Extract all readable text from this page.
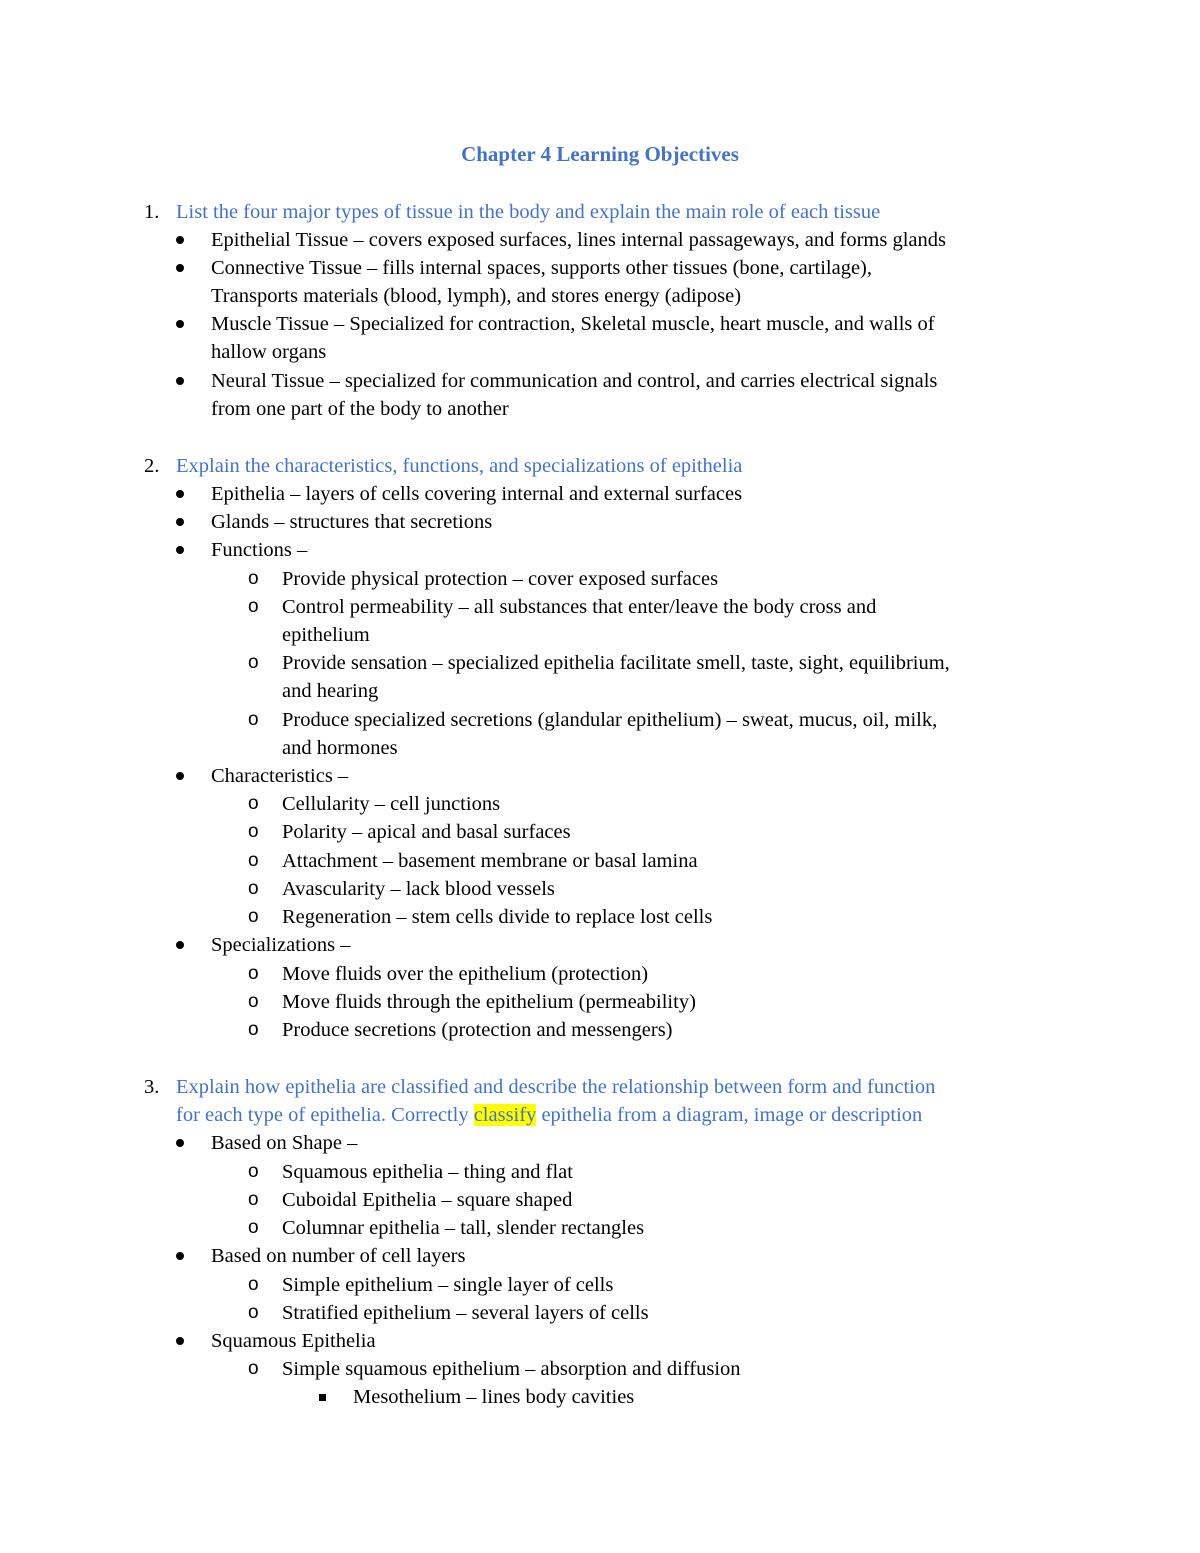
Chapter 4 Learning Objectives
1. List the four major types of tissue in the body and explain the main role of each tissue
Epithelial Tissue – covers exposed surfaces, lines internal passageways, and forms glands
Connective Tissue – fills internal spaces, supports other tissues (bone, cartilage),
Transports materials (blood, lymph), and stores energy (adipose)
Muscle Tissue – Specialized for contraction, Skeletal muscle, heart muscle, and walls of
hallow organs
Neural Tissue – specialized for communication and control, and carries electrical signals
from one part of the body to another
2. Explain the characteristics, functions, and specializations of epithelia
Epithelia – layers of cells covering internal and external surfaces
Glands – structures that secretions
Functions –
o Provide physical protection – cover exposed surfaces
o Control permeability – all substances that enter/leave the body cross and
epithelium
o Provide sensation – specialized epithelia facilitate smell, taste, sight, equilibrium,
and hearing
o Produce specialized secretions (glandular epithelium) – sweat, mucus, oil, milk,
and hormones
Characteristics –
o Cellularity – cell junctions
o Polarity – apical and basal surfaces
o Attachment – basement membrane or basal lamina
o Avascularity – lack blood vessels
o Regeneration – stem cells divide to replace lost cells
Specializations –
o Move fluids over the epithelium (protection)
o Move fluids through the epithelium (permeability)
o Produce secretions (protection and messengers)
3. Explain how epithelia are classified and describe the relationship between form and function
for each type of epithelia. Correctly classify epithelia from a diagram, image or description
Based on Shape –
o Squamous epithelia – thing and flat
o Cuboidal Epithelia – square shaped
o Columnar epithelia – tall, slender rectangles
Based on number of cell layers
o Simple epithelium – single layer of cells
o Stratified epithelium – several layers of cells
Squamous Epithelia
o Simple squamous epithelium – absorption and diffusion
Mesothelium – lines body cavities
